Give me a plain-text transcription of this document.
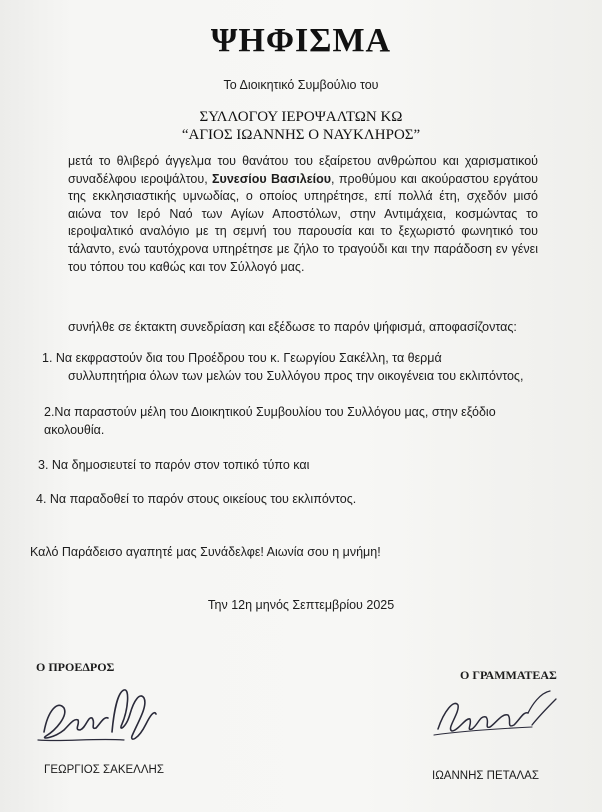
ΨΗΦΙΣΜΑ
Το Διοικητικό Συμβούλιο του
ΣΥΛΛΟΓΟΥ ΙΕΡΟΨΑΛΤΩΝ ΚΩ
“ΑΓΙΟΣ ΙΩΑΝΝΗΣ Ο ΝΑΥΚΛΗΡΟΣ”
μετά το θλιβερό άγγελμα του θανάτου του εξαίρετου ανθρώπου και χαρισματικού συναδέλφου ιεροψάλτου, Συνεσίου Βασιλείου, προθύμου και ακούραστου εργάτου της εκκλησιαστικής υμνωδίας, ο οποίος υπηρέτησε, επί πολλά έτη, σχεδόν μισό αιώνα τον Ιερό Ναό των Αγίων Αποστόλων, στην Αντιμάχεια, κοσμώντας το ιεροψαλτικό αναλόγιο με τη σεμνή του παρουσία και το ξεχωριστό φωνητικό του τάλαντο, ενώ ταυτόχρονα υπηρέτησε με ζήλο το τραγούδι και την παράδοση εν γένει του τόπου του καθώς και τον Σύλλογό μας.
συνήλθε σε έκτακτη συνεδρίαση και εξέδωσε το παρόν ψήφισμά, αποφασίζοντας:
1. Να εκφραστούν δια του Προέδρου του κ. Γεωργίου Σακέλλη, τα θερμά
συλλυπητήρια όλων των μελών του Συλλόγου προς την οικογένεια του εκλιπόντος,
2.Να παραστούν μέλη του Διοικητικού Συμβουλίου του Συλλόγου μας, στην εξόδιο
ακολουθία.
3. Να δημοσιευτεί το παρόν στον τοπικό τύπο και
4. Να παραδοθεί το παρόν στους οικείους του εκλιπόντος.
Καλό Παράδεισο αγαπητέ μας Συνάδελφε! Αιωνία σου η μνήμη!
Την 12η μηνός Σεπτεμβρίου 2025
Ο ΠΡΟΕΔΡΟΣ
ΓΕΩΡΓΙΟΣ ΣΑΚΕΛΛΗΣ
Ο ΓΡΑΜΜΑΤΕΑΣ
ΙΩΑΝΝΗΣ ΠΕΤΑΛΑΣ
